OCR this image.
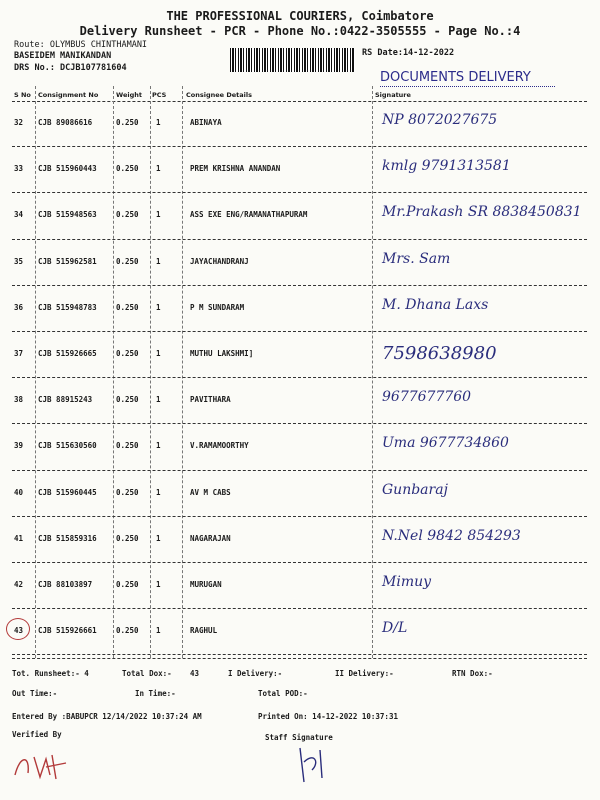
THE PROFESSIONAL COURIERS, Coimbatore
Delivery Runsheet - PCR - Phone No.:0422-3505555 - Page No.:4
Route: OLYMBUS CHINTHAMANI
BASEIDEM MANIKANDAN
DRS No.: DCJB107781604
RS Date:14-12-2022
DOCUMENTS DELIVERY
S No Consignment No	Weight PCS	Consignee Details	Signature
32 CJB 89086616	0.250 1	ABINAYA	NP 8072027675
33 CJB 515960443	0.250 1	PREM KRISHNA ANANDAN	kmlg 9791313581
34 CJB 515948563	0.250 1	ASS EXE ENG/RAMANATHAPURAM	Mr.Prakash SR 8838450831
35 CJB 515962581	0.250 1	JAYACHANDRANJ	Mrs. Sam
36 CJB 515948783	0.250 1	P M SUNDARAM	M. Dhana Laxs
37 CJB 515926665	0.250 1	MUTHU LAKSHMI]	7598638980
38 CJB 88915243	0.250 1	PAVITHARA	9677677760
39 CJB 515630560	0.250 1	V.RAMAMOORTHY	Uma 9677734860
40 CJB 515960445	0.250 1	AV M CABS	Gunbaraj
41 CJB 515859316	0.250 1	NAGARAJAN	N.Nel 9842 854293
42 CJB 88103897	0.250 1	MURUGAN	Mimuy
43 CJB 515926661	0.250 1	RAGHUL	D/L
Tot. Runsheet:- 4	Total Dox:- 43	I Delivery:-	II Delivery:-	RTN Dox:-
Out Time:-	In Time:-	Total POD:-
Entered By :BABUPCR 12/14/2022 10:37:24 AM	Printed On: 14-12-2022 10:37:31
Verified By	Staff Signature
